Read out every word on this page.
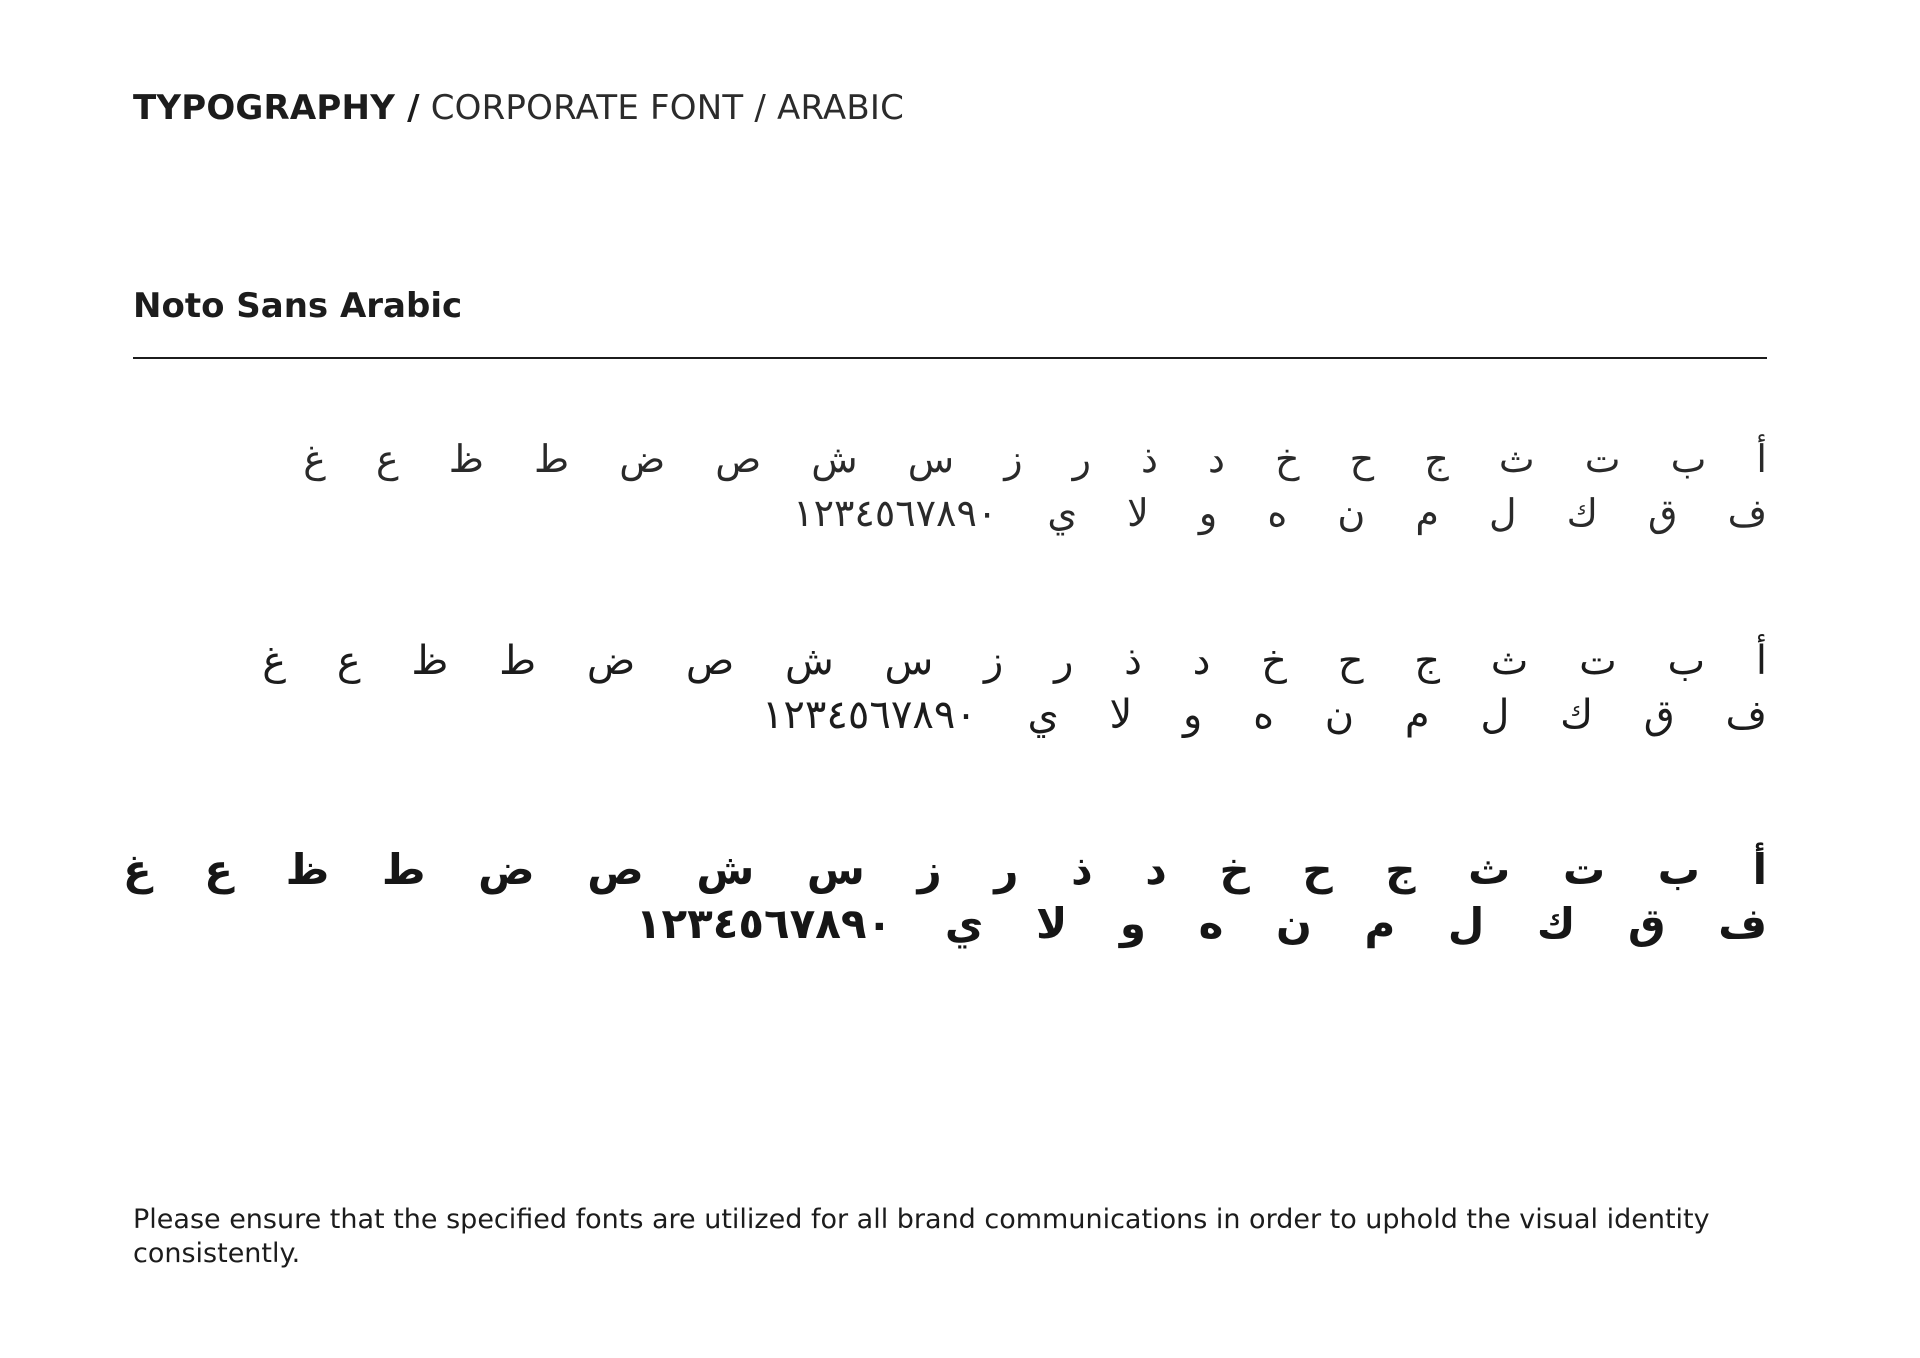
TYPOGRAPHY / CORPORATE FONT / ARABIC
Noto Sans Arabic
أ ب ت ث ج ح خ د ذ ر ز س ش ص ض ط ظ ع غ
ف ق ك ل م ن ه و لا ي ١٢٣٤٥٦٧٨٩٠
أ ب ت ث ج ح خ د ذ ر ز س ش ص ض ط ظ ع غ
ف ق ك ل م ن ه و لا ي ١٢٣٤٥٦٧٨٩٠
أ ب ت ث ج ح خ د ذ ر ز س ش ص ض ط ظ ع غ
ف ق ك ل م ن ه و لا ي ١٢٣٤٥٦٧٨٩٠
Please ensure that the specified fonts are utilized for all brand communications in order to uphold the visual identity consistently.
